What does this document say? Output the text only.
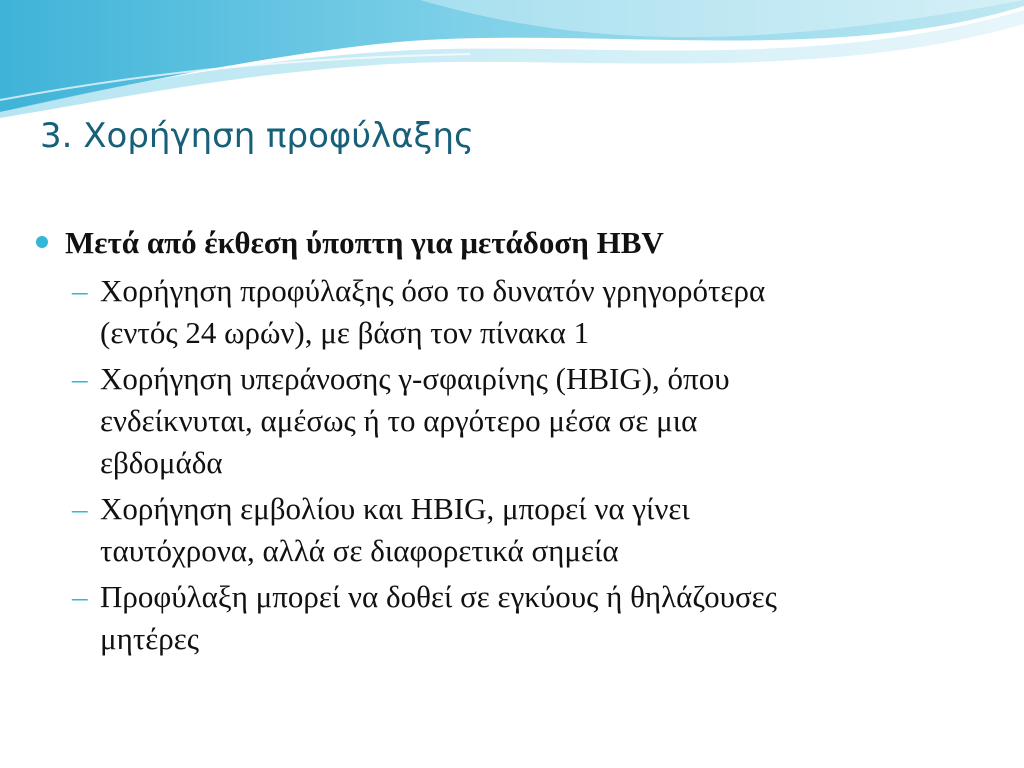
3. Χορήγηση προφύλαξης
Μετά από έκθεση ύποπτη για μετάδοση HBV
– Χορήγηση προφύλαξης όσο το δυνατόν γρηγορότερα
(εντός 24 ωρών), με βάση τον πίνακα 1
– Χορήγηση υπεράνοσης γ-σφαιρίνης (HBIG), όπου
ενδείκνυται, αμέσως ή το αργότερο μέσα σε μια
εβδομάδα
– Χορήγηση εμβολίου και HBIG, μπορεί να γίνει
ταυτόχρονα, αλλά σε διαφορετικά σημεία
– Προφύλαξη μπορεί να δοθεί σε εγκύους ή θηλάζουσες
μητέρες
